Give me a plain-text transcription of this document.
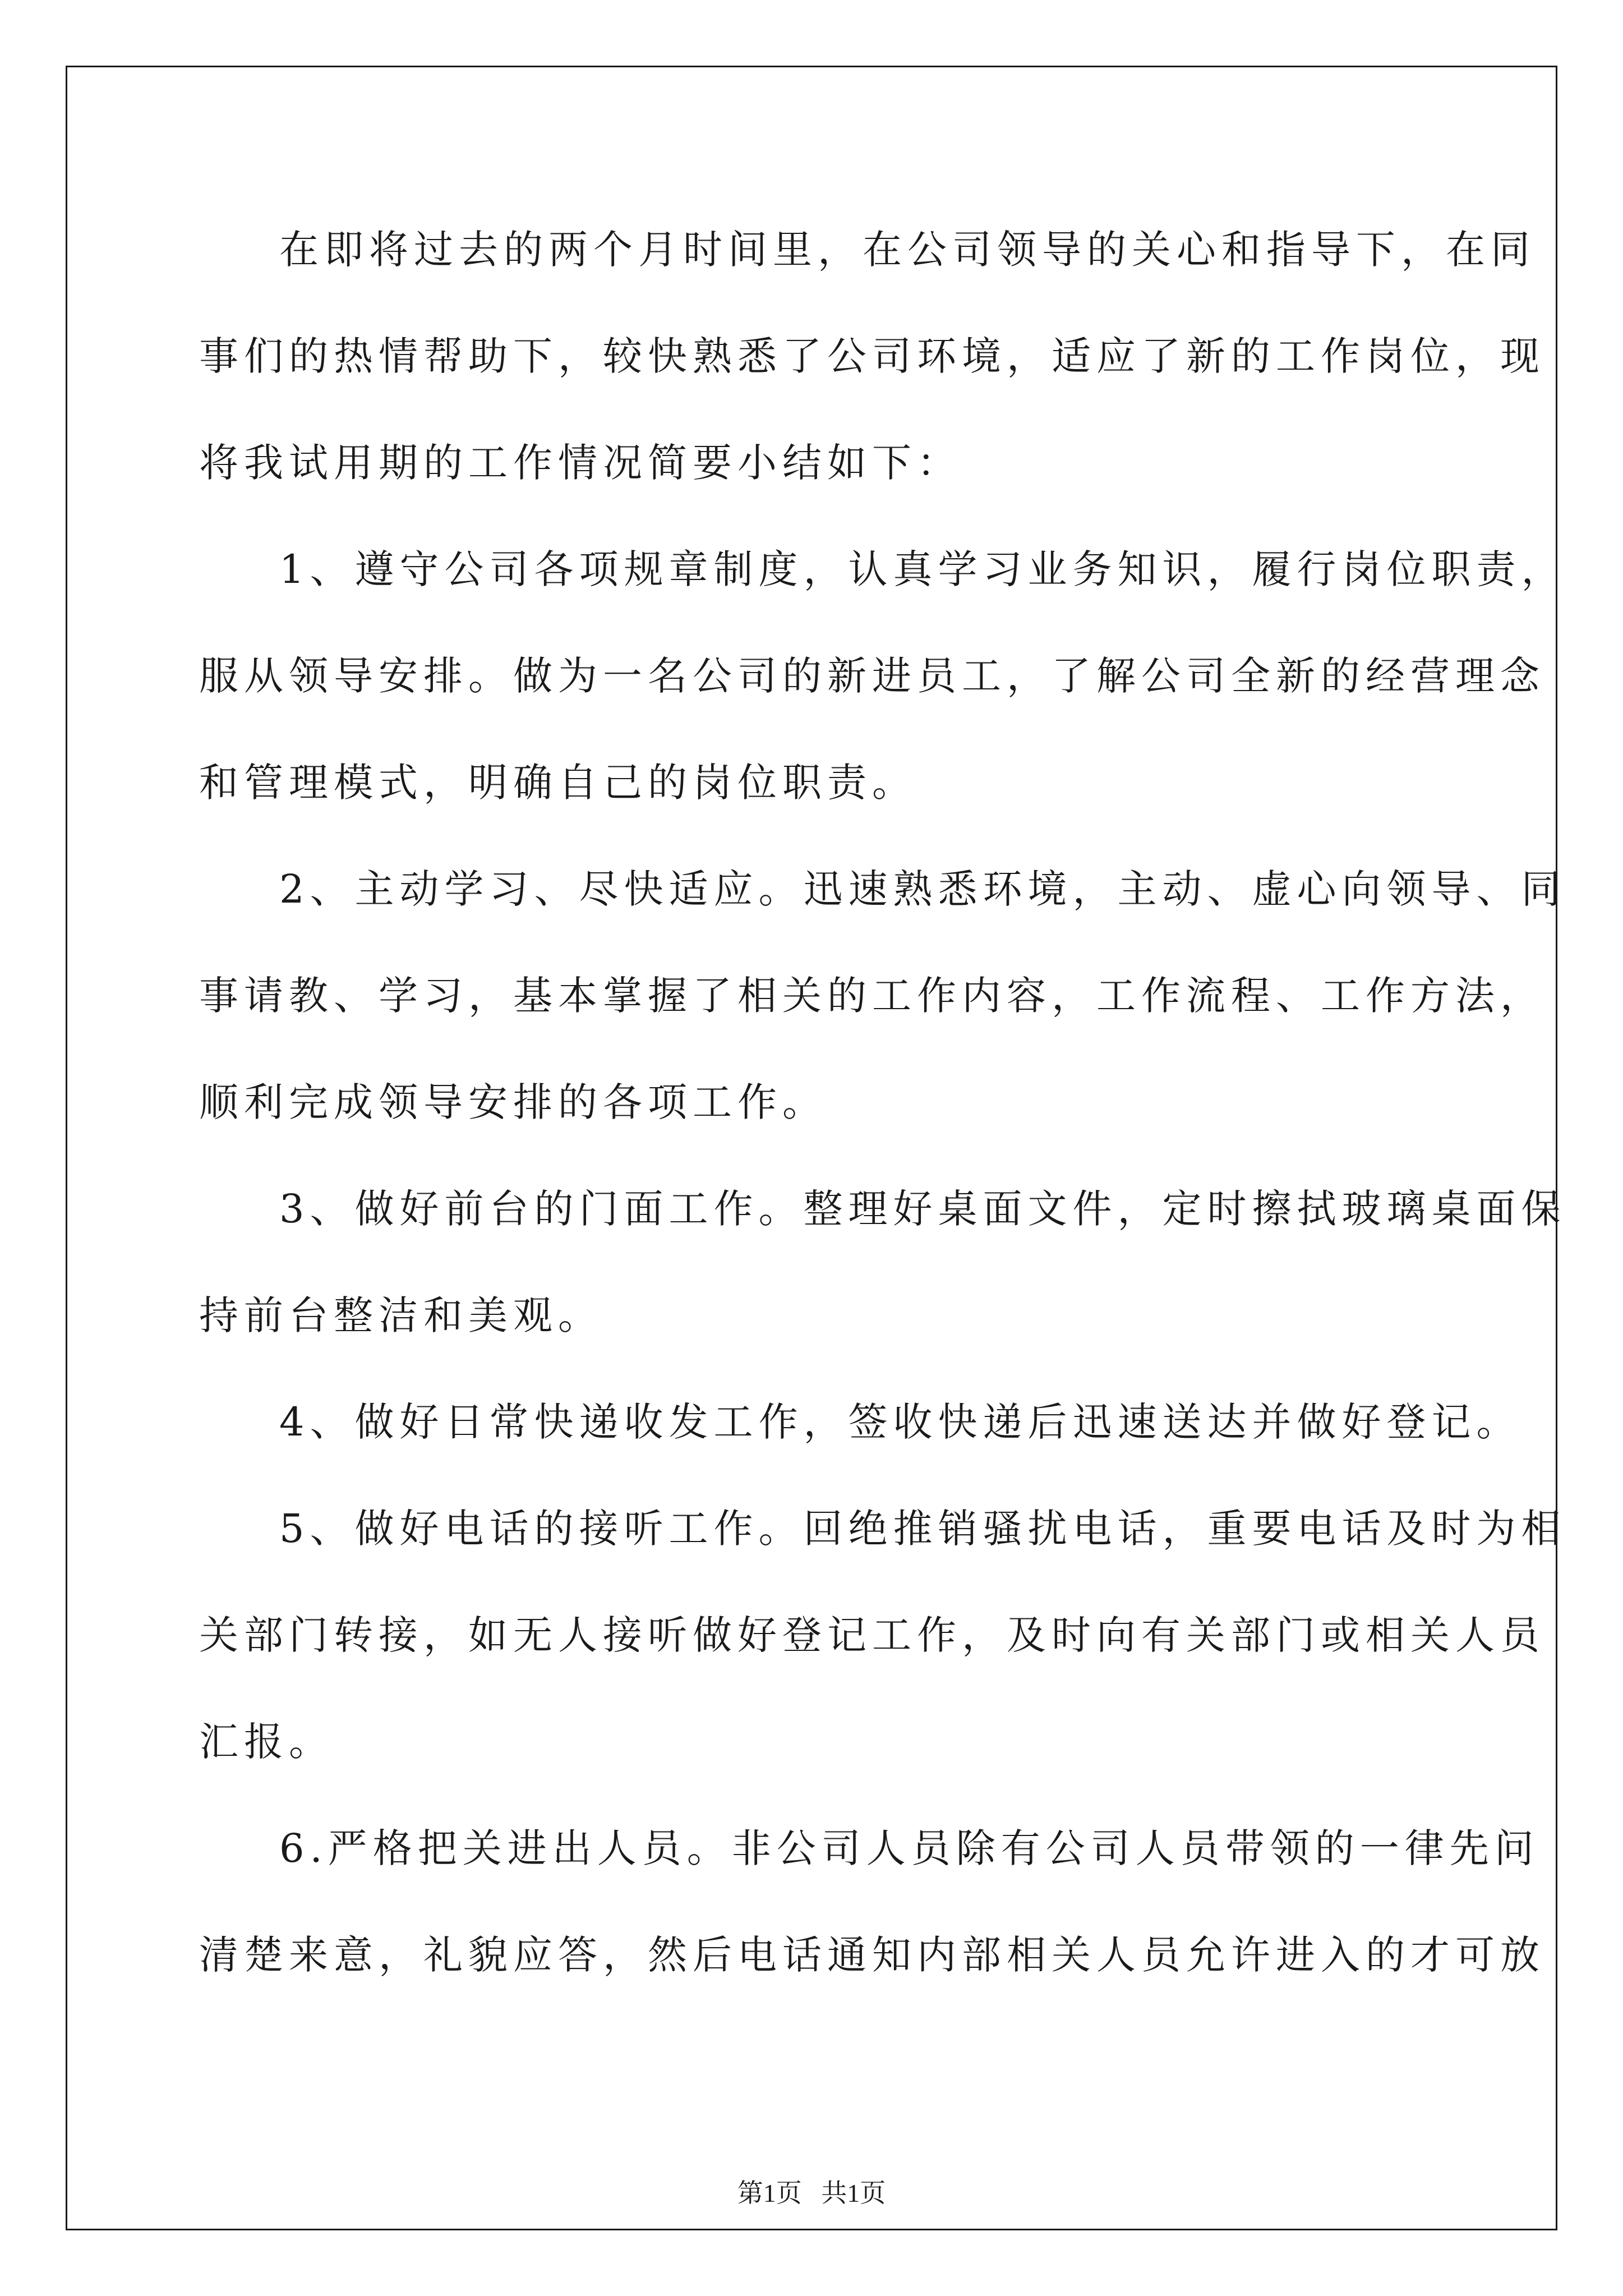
在即将过去的两个月时间里，在公司领导的关心和指导下，在同
事们的热情帮助下，较快熟悉了公司环境，适应了新的工作岗位，现
将我试用期的工作情况简要小结如下：
1、遵守公司各项规章制度，认真学习业务知识，履行岗位职责，
服从领导安排。做为一名公司的新进员工，了解公司全新的经营理念
和管理模式，明确自己的岗位职责。
2、主动学习、尽快适应。迅速熟悉环境，主动、虚心向领导、同
事请教、学习，基本掌握了相关的工作内容，工作流程、工作方法，
顺利完成领导安排的各项工作。
3、做好前台的门面工作。整理好桌面文件，定时擦拭玻璃桌面保
持前台整洁和美观。
4、做好日常快递收发工作，签收快递后迅速送达并做好登记。
5、做好电话的接听工作。回绝推销骚扰电话，重要电话及时为相
关部门转接，如无人接听做好登记工作，及时向有关部门或相关人员
汇报。
6.严格把关进出人员。非公司人员除有公司人员带领的一律先问
清楚来意，礼貌应答，然后电话通知内部相关人员允许进入的才可放
第1页   共1页
